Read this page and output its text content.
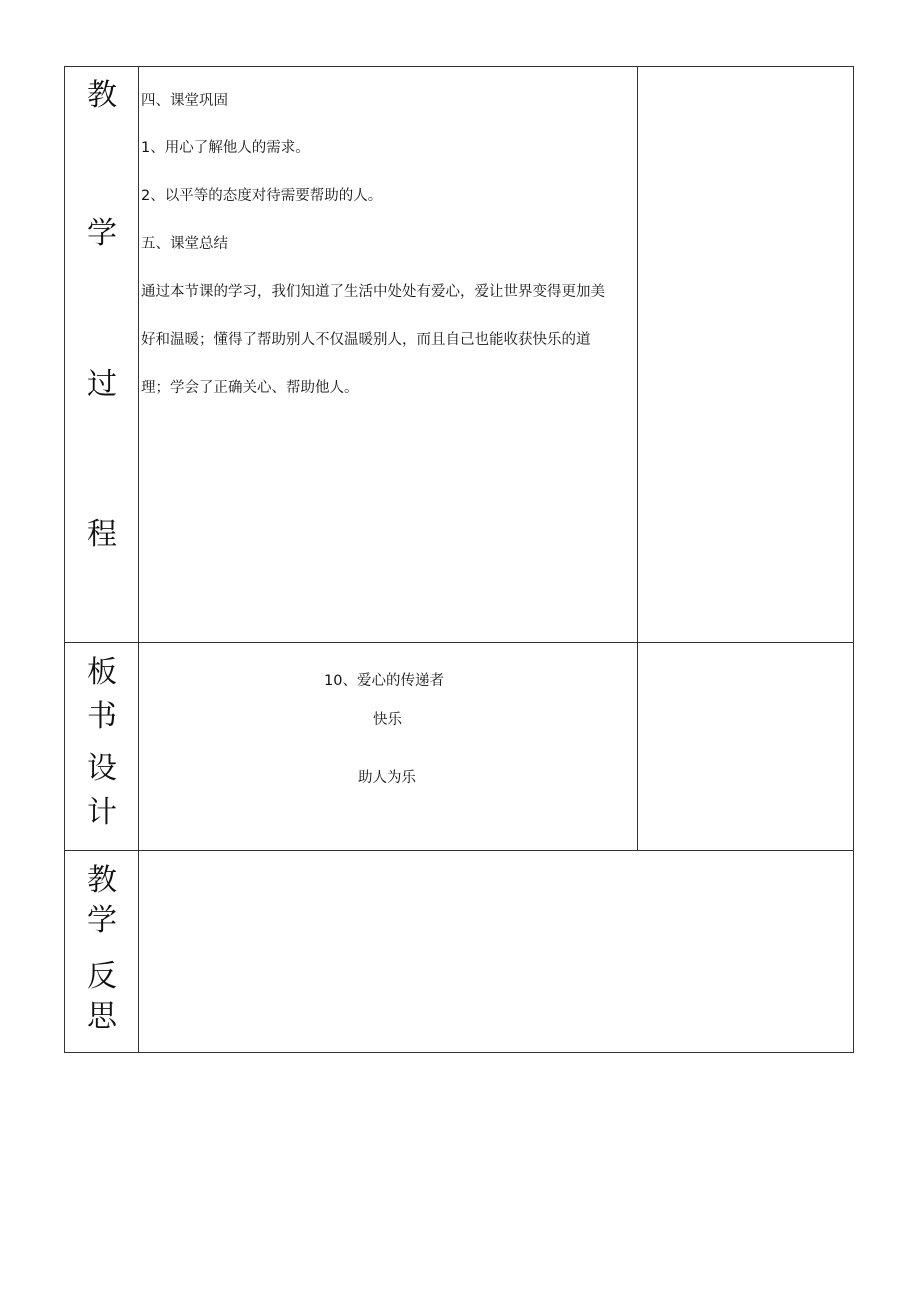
教
学
过
程
四、课堂巩固
1、用心了解他人的需求。
2、以平等的态度对待需要帮助的人。
五、课堂总结
通过本节课的学习，我们知道了生活中处处有爱心，爱让世界变得更加美
好和温暖；懂得了帮助别人不仅温暖别人，而且自己也能收获快乐的道
理；学会了正确关心、帮助他人。
板
书
设
计
10、爱心的传递者
快乐
助人为乐
教
学
反
思
